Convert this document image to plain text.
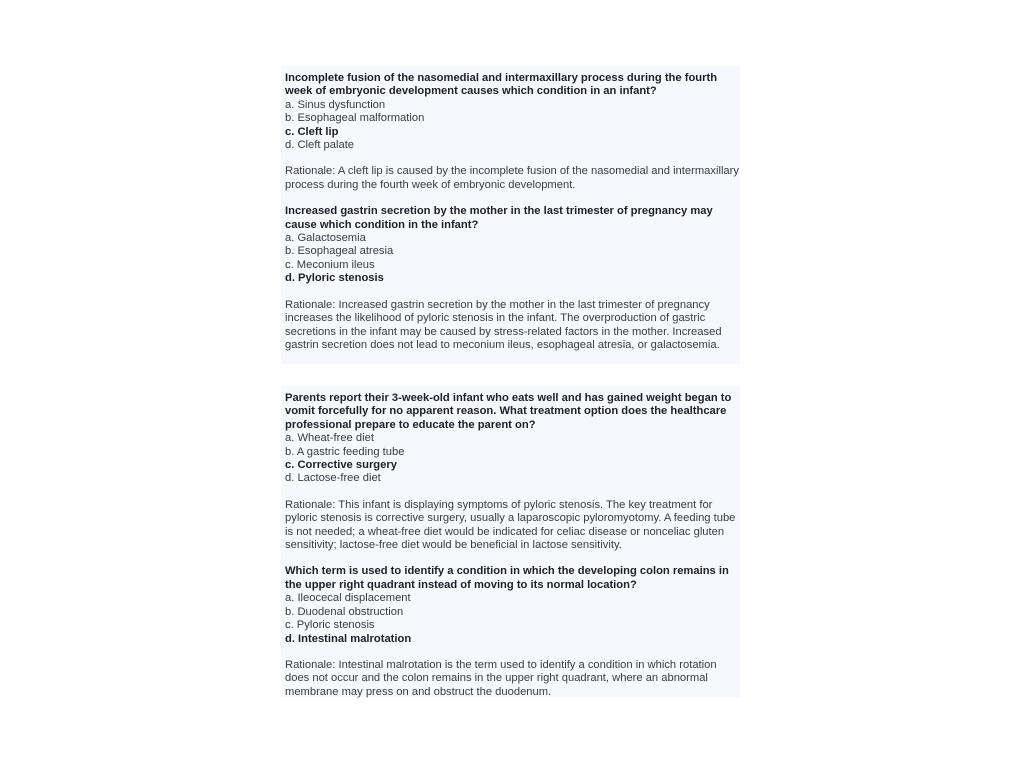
Incomplete fusion of the nasomedial and intermaxillary process during the fourth week of embryonic development causes which condition in an infant?
a. Sinus dysfunction
b. Esophageal malformation
c. Cleft lip
d. Cleft palate
Rationale: A cleft lip is caused by the incomplete fusion of the nasomedial and intermaxillary process during the fourth week of embryonic development.
Increased gastrin secretion by the mother in the last trimester of pregnancy may cause which condition in the infant?
a. Galactosemia
b. Esophageal atresia
c. Meconium ileus
d. Pyloric stenosis
Rationale: Increased gastrin secretion by the mother in the last trimester of pregnancy increases the likelihood of pyloric stenosis in the infant. The overproduction of gastric secretions in the infant may be caused by stress-related factors in the mother. Increased gastrin secretion does not lead to meconium ileus, esophageal atresia, or galactosemia.
Parents report their 3-week-old infant who eats well and has gained weight began to vomit forcefully for no apparent reason. What treatment option does the healthcare professional prepare to educate the parent on?
a. Wheat-free diet
b. A gastric feeding tube
c. Corrective surgery
d. Lactose-free diet
Rationale: This infant is displaying symptoms of pyloric stenosis. The key treatment for pyloric stenosis is corrective surgery, usually a laparoscopic pyloromyotomy. A feeding tube is not needed; a wheat-free diet would be indicated for celiac disease or nonceliac gluten sensitivity; lactose-free diet would be beneficial in lactose sensitivity.
Which term is used to identify a condition in which the developing colon remains in the upper right quadrant instead of moving to its normal location?
a. Ileocecal displacement
b. Duodenal obstruction
c. Pyloric stenosis
d. Intestinal malrotation
Rationale: Intestinal malrotation is the term used to identify a condition in which rotation does not occur and the colon remains in the upper right quadrant, where an abnormal membrane may press on and obstruct the duodenum.
